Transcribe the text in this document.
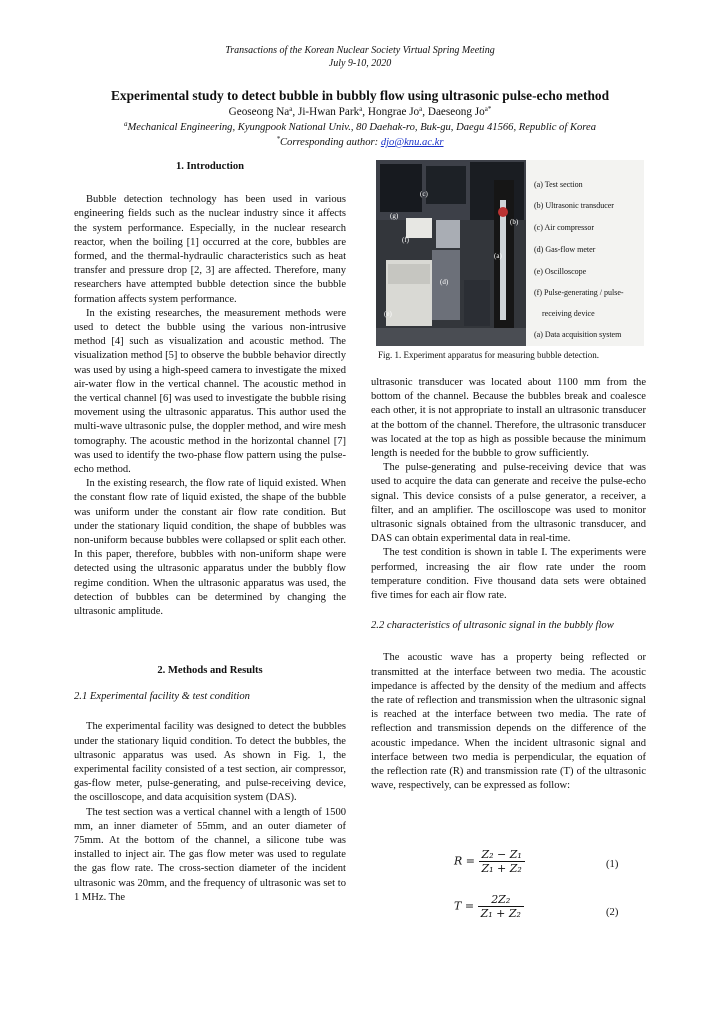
Transactions of the Korean Nuclear Society Virtual Spring Meeting
July 9-10, 2020
Experimental study to detect bubble in bubbly flow using ultrasonic pulse-echo method
Geoseong Na$^a$, Ji-Hwan Park$^a$, Hongrae Jo$^a$, Daeseong $Jo^{a*}$
$^a$Mechanical Engineering, Kyungpook National Univ., 80 Daehak-ro, Buk-gu, Daegu 41566, Republic of Korea
*Corresponding author: djo@knu.ac.kr
1. Introduction

Bubble detection technology has been used in various engineering fields such as the nuclear industry since it affects the system performance. Especially, in the nuclear research reactor, when the boiling [1] occurred at the core, bubbles are formed, and the thermal-hydraulic characteristics such as heat transfer and pressure drop [2, 3] are affected. Therefore, many researchers have attempted bubble detection since the bubble formation affects system performance.

In the existing researches, the measurement methods were used to detect the bubble using the various non-intrusive method [4] such as visualization and acoustic method. The visualization method [5] to observe the bubble behavior directly was used by using a high-speed camera to investigate the mixed air-water flow in the vertical channel. The acoustic method in the vertical channel [6] was used to investigate the bubble rising movement using the ultrasonic apparatus. This author used the multi-wave ultrasonic pulse, the doppler method, and wire mesh tomography. The acoustic method in the horizontal channel [7] was used to identify the two-phase flow pattern using the pulse-echo method.

In the existing research, the flow rate of liquid existed. When the constant flow rate of liquid existed, the shape of the bubble was uniform under the constant air flow rate condition. But under the stationary liquid condition, the shape of bubbles was non-uniform because bubbles were collapsed or split each other. In this paper, therefore, bubbles with non-uniform shape were detected using the ultrasonic apparatus under the bubbly flow regime condition. When the ultrasonic apparatus was used, the detection of bubbles can be determined by changing the ultrasonic amplitude.

2. Methods and Results
2.1 Experimental facility & test condition

The experimental facility was designed to detect the bubbles under the stationary liquid condition. To detect the bubbles, the ultrasonic apparatus was used. As shown in Fig. 1, the experimental facility consisted of a test section, air compressor, gas-flow meter, pulse-generating, and pulse-receiving device, the oscilloscope, and data acquisition system (DAS).

The test section was a vertical channel with a length of 1500 mm, an inner diameter of 55mm, and an outer diameter of 75mm. At the bottom of the channel, a silicone tube was installed to inject air. The gas flow meter was used to regulate the gas flow rate. The cross-section diameter of the incident ultrasonic was 20mm, and the frequency of ultrasonic was set to 1 MHz. The

(g)
(c)
(b)
(f)
(a)
(d)
(e)
(a) Test section
(b) Ultrasonic transducer
(c) Air compressor
(d) Gas-flow meter
(e) Oscilloscope
(f) Pulse-generating / pulse-
receiving device
(a) Data acquisition system
Fig. 1. Experiment apparatus for measuring bubble detection.

ultrasonic transducer was located about 1100 mm from the bottom of the channel. Because the bubbles break and coalesce each other, it is not appropriate to install an ultrasonic transducer at the bottom of the channel. Therefore, the ultrasonic transducer was located at the top as high as possible because the minimum length is needed for the bubble to grow sufficiently.

The pulse-generating and pulse-receiving device that was used to acquire the data can generate and receive the pulse-echo signal. This device consists of a pulse generator, a receiver, a filter, and an amplifier. The oscilloscope was used to monitor ultrasonic signals obtained from the ultrasonic transducer, and DAS can obtain experimental data in real-time.

The test condition is shown in table I. The experiments were performed, increasing the air flow rate under the room temperature condition. Five thousand data sets were obtained five times for each air flow rate.

2.2 characteristics of ultrasonic signal in the bubbly flow

The acoustic wave has a property being reflected or transmitted at the interface between two media. The acoustic impedance is affected by the density of the medium and affects the rate of reflection and transmission when the ultrasonic signal is reached at the interface between two media. The rate of reflection and transmission depends on the difference of the acoustic impedance. When the incident ultrasonic signal and interface between two media is perpendicular, the equation of the reflection rate (R) and transmission rate (T) of the ultrasonic wave, respectively, can be expressed as follow:

$R = \frac{\text{Z₂ − Z₁}}{\text{Z₁ + Z₂}}$	(1)
$T = \frac{\text{2Z₂}}{\text{Z₁ + Z₂}}$	(2)
